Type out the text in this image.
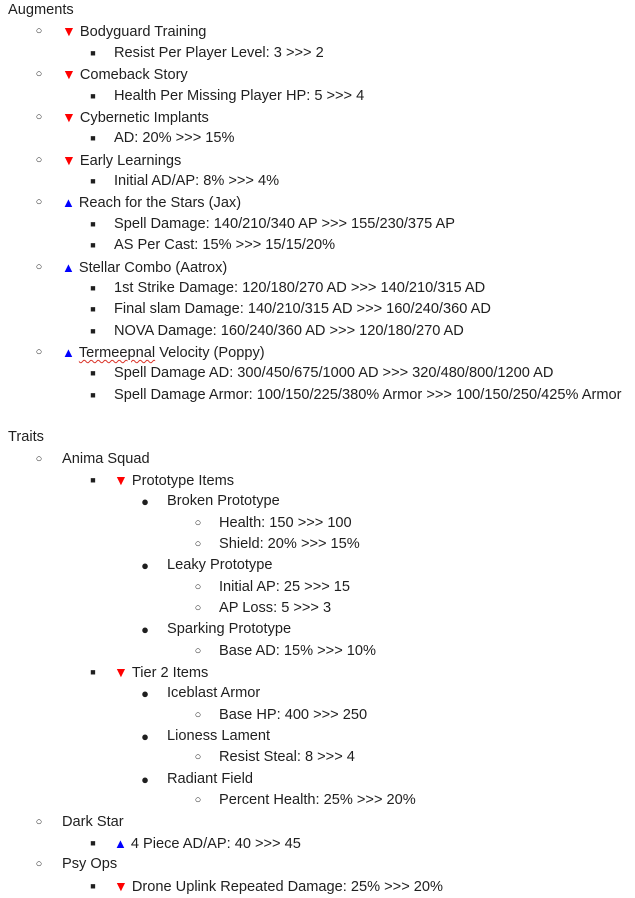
Augments
○ ▼ Bodyguard Training
■ Resist Per Player Level: 3 >>> 2
○ ▼ Comeback Story
■ Health Per Missing Player HP: 5 >>> 4
○ ▼ Cybernetic Implants
■ AD: 20% >>> 15%
○ ▼ Early Learnings
■ Initial AD/AP: 8% >>> 4%
○ ▲ Reach for the Stars (Jax)
■ Spell Damage: 140/210/340 AP >>> 155/230/375 AP
■ AS Per Cast: 15% >>> 15/15/20%
○ ▲ Stellar Combo (Aatrox)
■ 1st Strike Damage: 120/180/270 AD >>> 140/210/315 AD
■ Final slam Damage: 140/210/315 AD >>> 160/240/360 AD
■ NOVA Damage: 160/240/360 AD >>> 120/180/270 AD
○ ▲ Termeepnal Velocity (Poppy)
■ Spell Damage AD: 300/450/675/1000 AD >>> 320/480/800/1200 AD
■ Spell Damage Armor: 100/150/225/380% Armor >>> 100/150/250/425% Armor
Traits
○ Anima Squad
■	▼ Prototype Items
● Broken Prototype
○ Health: 150 >>> 100
○ Shield: 20% >>> 15%
● Leaky Prototype
○ Initial AP: 25 >>> 15
○ AP Loss: 5 >>> 3
● Sparking Prototype
○ Base AD: 15% >>> 10%
■	▼ Tier 2 Items
● Iceblast Armor
○ Base HP: 400 >>> 250
● Lioness Lament
○ Resist Steal: 8 >>> 4
● Radiant Field
○ Percent Health: 25% >>> 20%
○ Dark Star
■	▲ 4 Piece AD/AP: 40 >>> 45
○ Psy Ops
■	▼ Drone Uplink Repeated Damage: 25% >>> 20%
